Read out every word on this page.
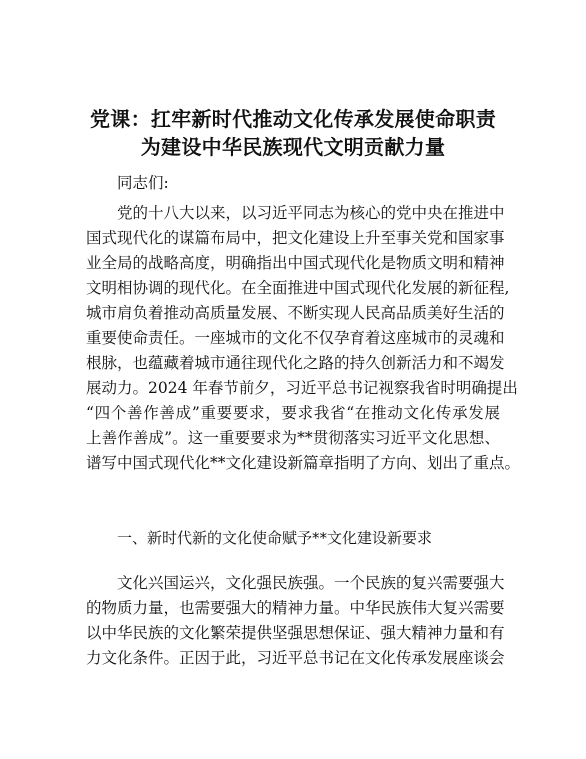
党课：扛牢新时代推动文化传承发展使命职责
为建设中华民族现代文明贡献力量
同志们:
党的十八大以来，以习近平同志为核心的党中央在推进中
国式现代化的谋篇布局中，把文化建设上升至事关党和国家事
业全局的战略高度，明确指出中国式现代化是物质文明和精神
文明相协调的现代化。在全面推进中国式现代化发展的新征程,
城市肩负着推动高质量发展、不断实现人民高品质美好生活的
重要使命责任。一座城市的文化不仅孕育着这座城市的灵魂和
根脉，也蕴藏着城市通往现代化之路的持久创新活力和不竭发
展动力。2024 年春节前夕，习近平总书记视察我省时明确提出
“四个善作善成”重要要求，要求我省“在推动文化传承发展
上善作善成”。这一重要要求为**贯彻落实习近平文化思想、
谱写中国式现代化**文化建设新篇章指明了方向、划出了重点。
一、新时代新的文化使命赋予**文化建设新要求
文化兴国运兴，文化强民族强。一个民族的复兴需要强大
的物质力量，也需要强大的精神力量。中华民族伟大复兴需要
以中华民族的文化繁荣提供坚强思想保证、强大精神力量和有
力文化条件。正因于此，习近平总书记在文化传承发展座谈会
